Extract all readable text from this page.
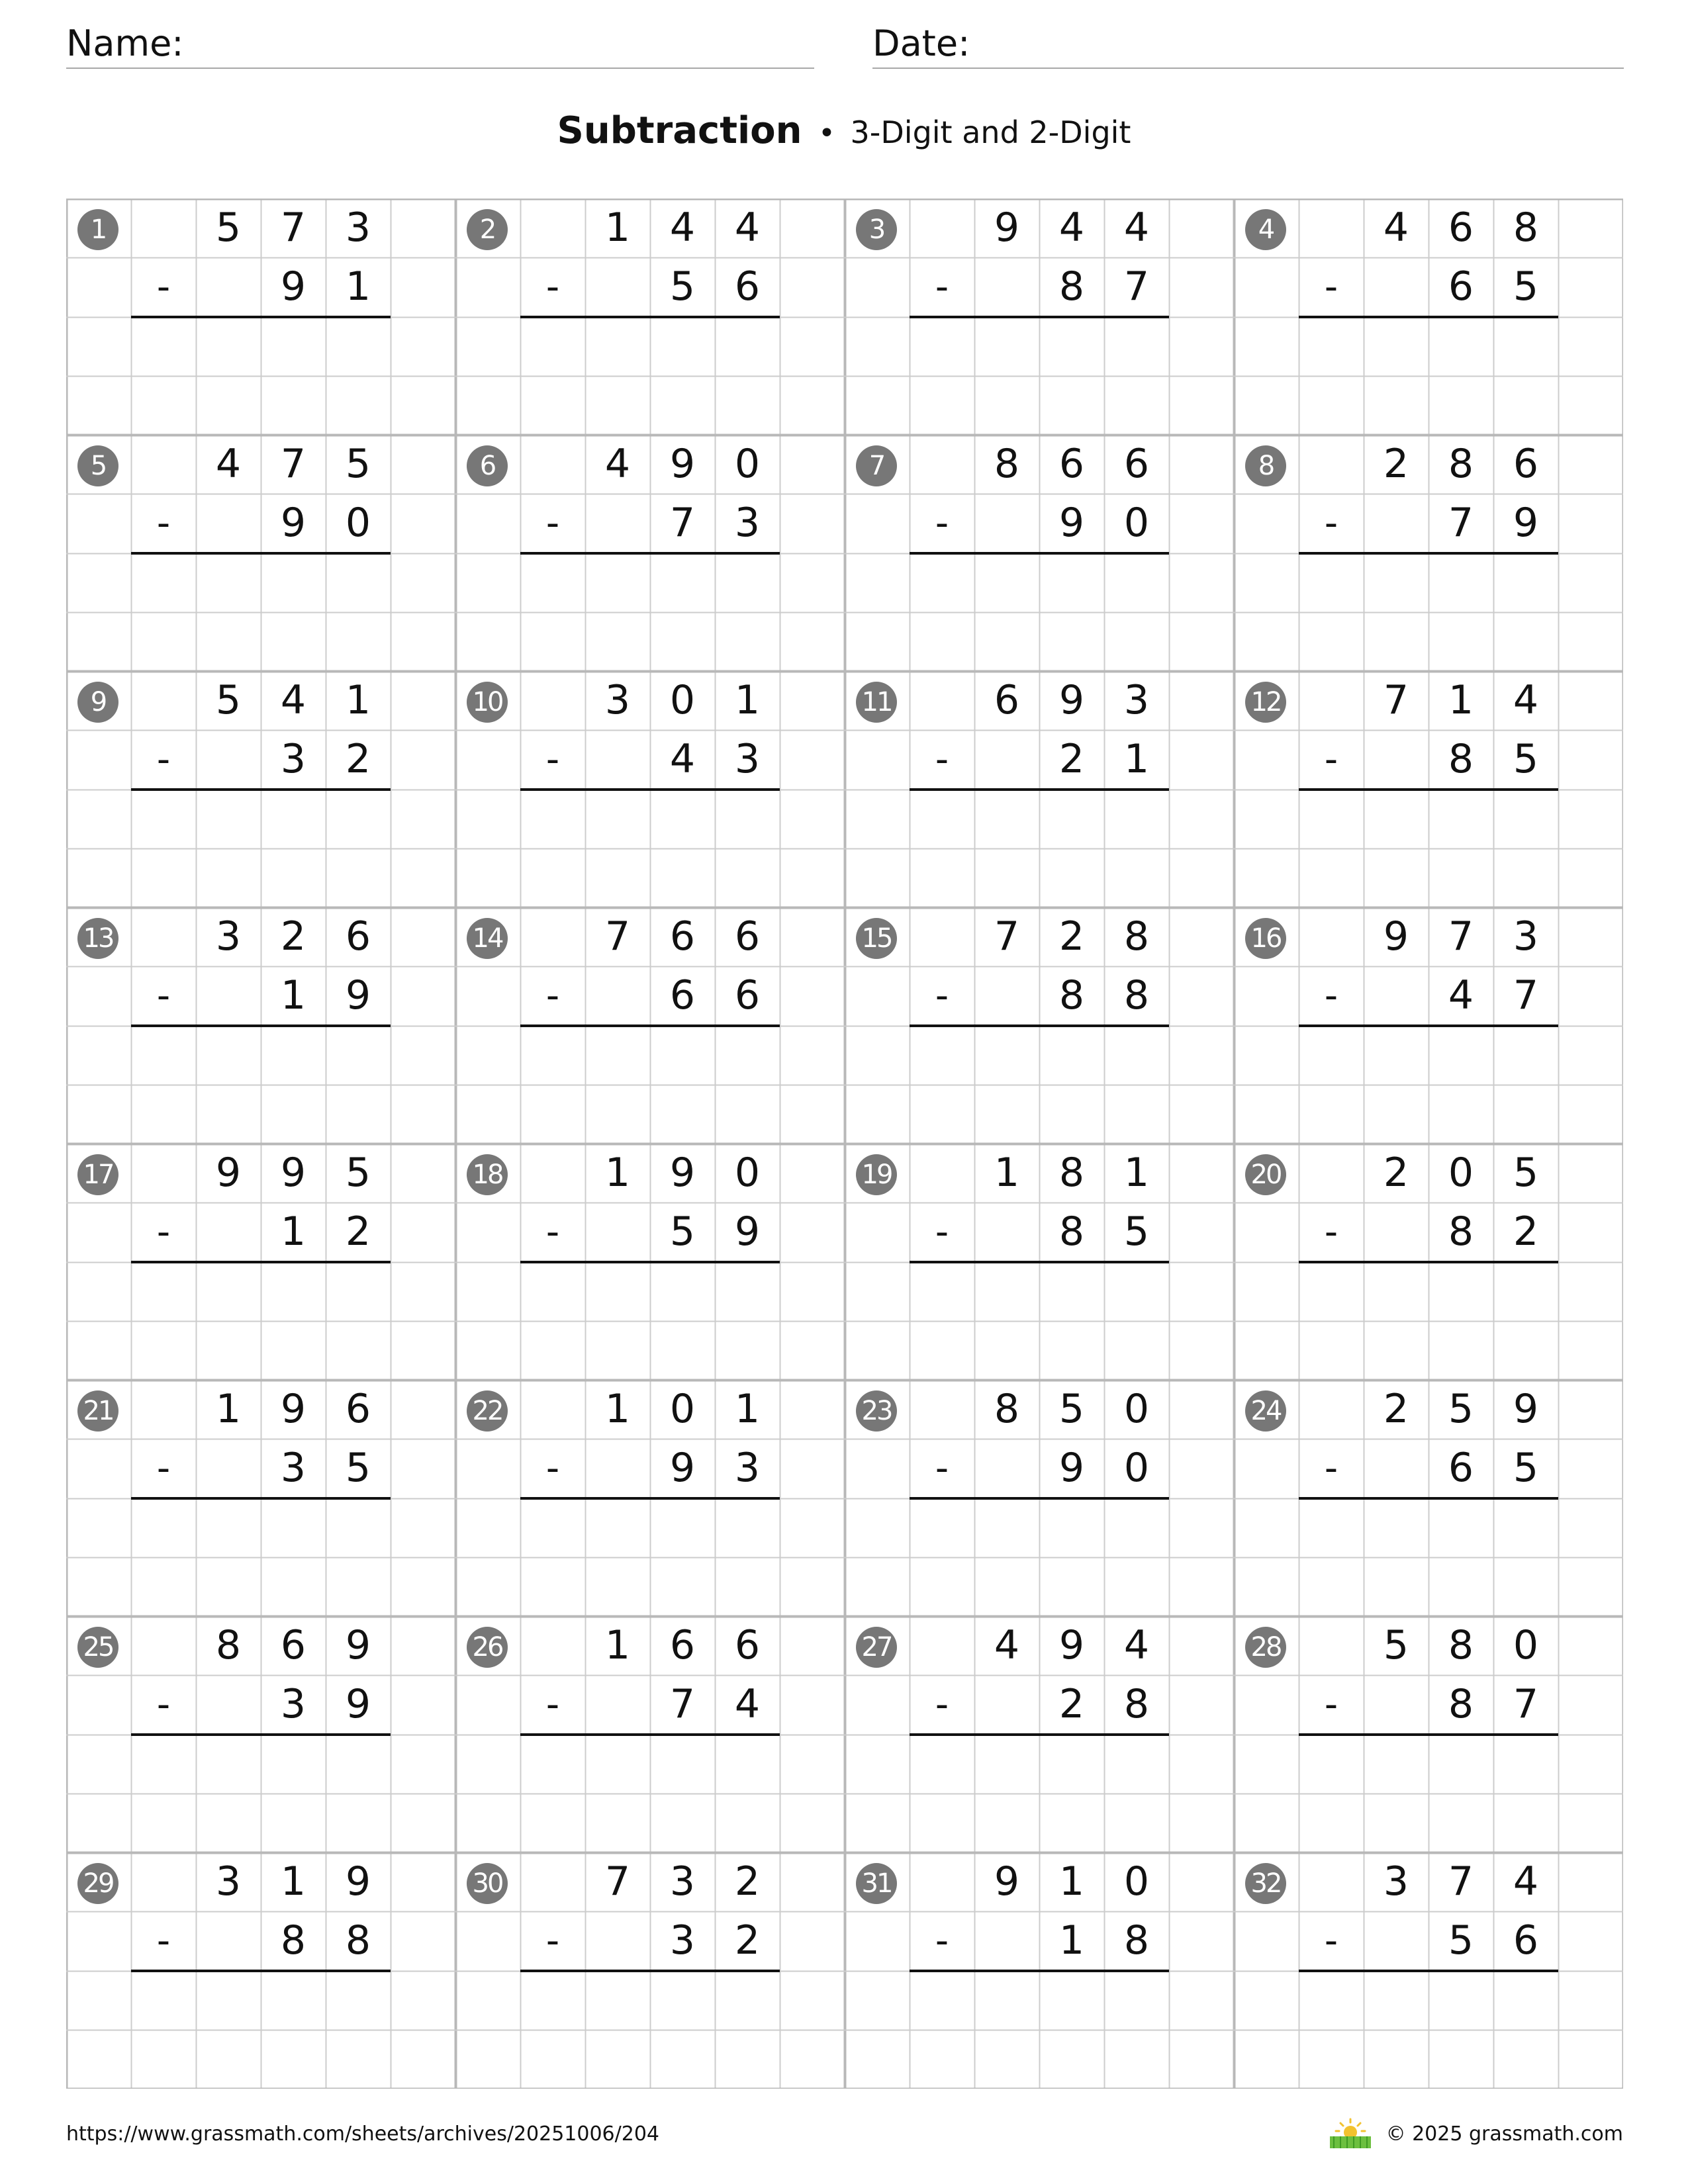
Name:	Date:
Subtraction • 3-Digit and 2-Digit
1	5 7 3
-	9 1
2	1 4 4
-	5 6
3	9 4 4
-	8 7
4	4 6 8
-	6 5
5	4 7 5
-	9 0
6	4 9 0
-	7 3
7	8 6 6
-	9 0
8	2 8 6
-	7 9
9	5 4 1
-	3 2
10	3 0 1
-	4 3
11	6 9 3
-	2 1
12	7 1 4
-	8 5
13	3 2 6
-	1 9
14	7 6 6
-	6 6
15	7 2 8
-	8 8
16	9 7 3
-	4 7
17	9 9 5
-	1 2
18	1 9 0
-	5 9
19	1 8 1
-	8 5
20	2 0 5
-	8 2
21	1 9 6
-	3 5
22	1 0 1
-	9 3
23	8 5 0
-	9 0
24	2 5 9
-	6 5
25	8 6 9
-	3 9
26	1 6 6
-	7 4
27	4 9 4
-	2 8
28	5 8 0
-	8 7
29	3 1 9
-	8 8
30	7 3 2
-	3 2
31	9 1 0
-	1 8
32	3 7 4
-	5 6
https://www.grassmath.com/sheets/archives/20251006/204	© 2025 grassmath.com
